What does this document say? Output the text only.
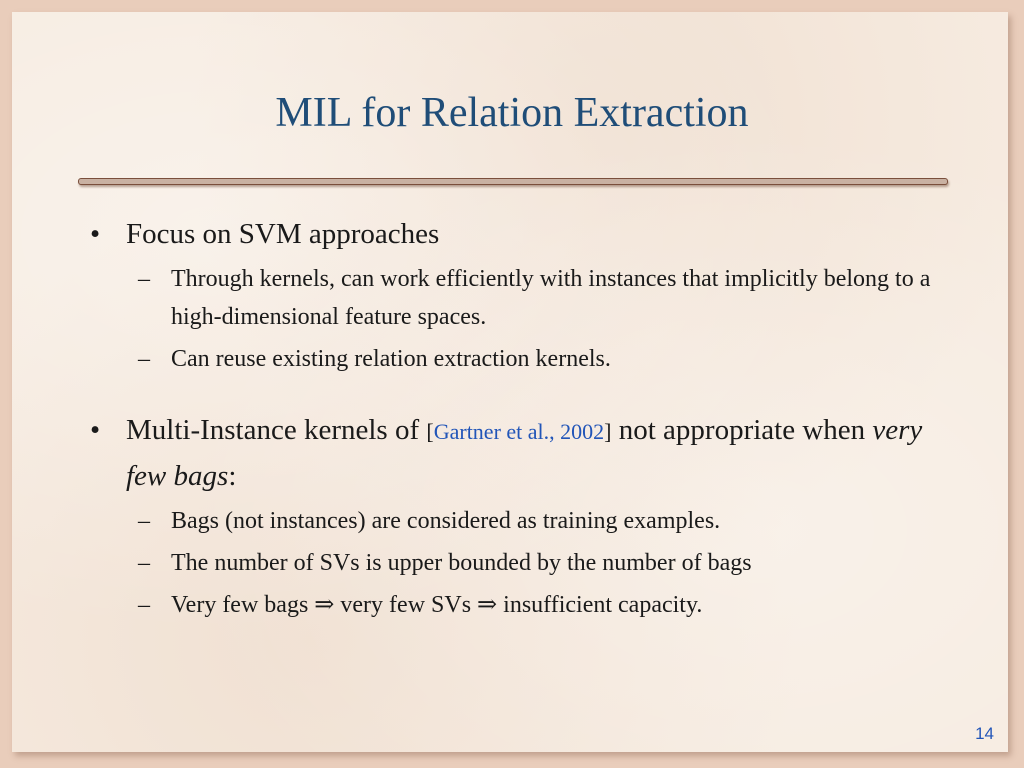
MIL for Relation Extraction
• Focus on SVM approaches
– Through kernels, can work efficiently with instances that implicitly belong to a high-dimensional feature spaces.
– Can reuse existing relation extraction kernels.
• Multi-Instance kernels of [Gartner et al., 2002] not appropriate when very few bags:
– Bags (not instances) are considered as training examples.
– The number of SVs is upper bounded by the number of bags
– Very few bags ⇒ very few SVs ⇒ insufficient capacity.
14
